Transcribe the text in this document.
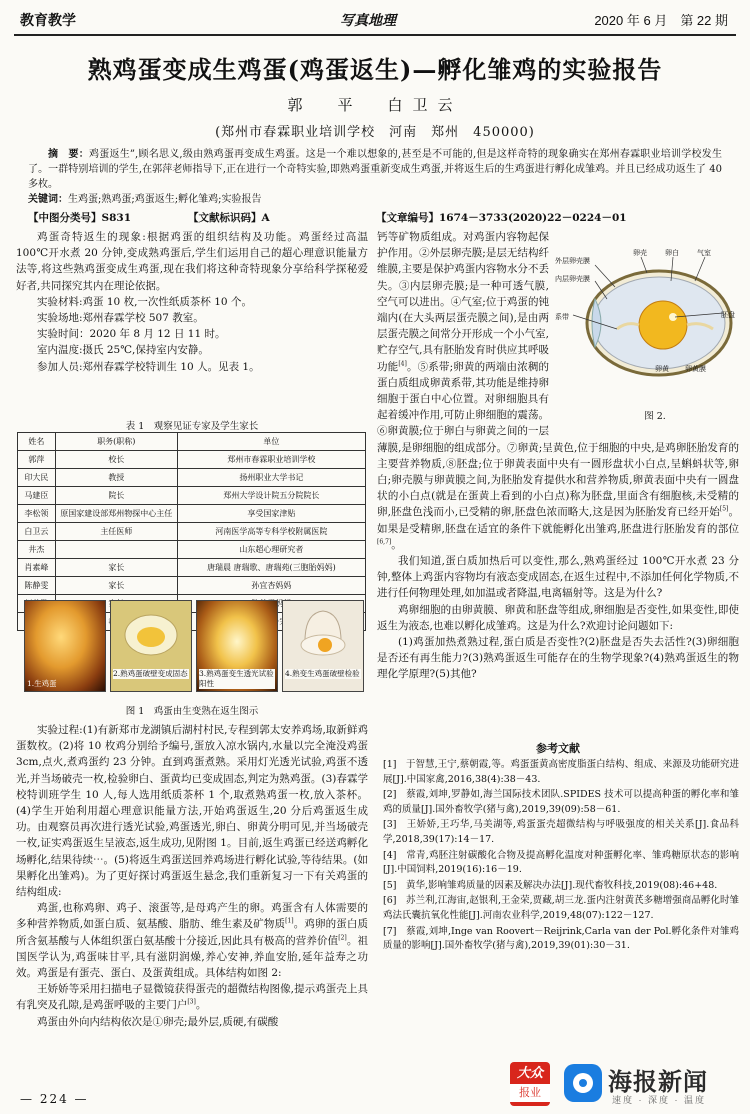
教育教学	写真地理	2020 年 6 月　第 22 期
熟鸡蛋变成生鸡蛋(鸡蛋返生)—孵化雏鸡的实验报告
郭　平　白卫云
(郑州市春霖职业培训学校　河南　郑州　450000)
摘　要：鸡蛋返生”,顾名思义,级由熟鸡蛋再变成生鸡蛋。这是一个难以想象的,甚至是不可能的,但是这样奇特的现象确实在郑州春霖职业培训学校发生了。一群特别培训的学生,在郭萍老师指导下,正在进行一个奇特实验,即熟鸡蛋重新变成生鸡蛋,并将返生后的生鸡蛋进行孵化成雏鸡。并且已经成功返生了 40 多枚。
关键词：生鸡蛋;熟鸡蛋;鸡蛋返生;孵化雏鸡;实验报告
【中图分类号】S831	【文献标识码】A	【文章编号】1674－3733(2020)22－0224－01

鸡蛋奇特返生的现象:根据鸡蛋的组织结构及功能。鸡蛋经过高温 100℃开水煮 20 分钟,变成熟鸡蛋后,学生们运用自己的超心理意识能量方法等,将这些熟鸡蛋变成生鸡蛋,现在我们将这种奇特现象分享给科学探秘爱好者,共同探究其内在理论依据。

实验材料:鸡蛋 10 枚,一次性纸质茶杯 10 个。

实验场地:郑州春霖学校 507 教室。

实验时间：2020 年 8 月 12 日 11 时。

室内温度:摄氏 25℃,保持室内安静。

参加人员:郑州春霖学校特训生 10 人。见表 1。

表 1　观察见证专家及学生家长
姓名	职务(职称)	单位
郭萍	校长	郑州市春霖职业培训学校
印大民	教授	扬州职业大学书记
马建臣	院长	郑州大学设计院五分院院长
李松领	原国家建设部郑州物探中心主任	享受国家津贴
白卫云	主任医师	河南医学高等专科学校附属医院
井杰		山东超心理研究者
肖素峰	家长	唐瑞晨 唐瑞歌、唐瑞苑(三胞胎妈妈)
陈静雯	家长	孙宜杏妈妈

1.生鸡蛋
2.熟鸡蛋破壁变成固态 3.熟鸡蛋变生透光试验阳性
4.熟变生鸡蛋破壁检验
图 1　鸡蛋由生变熟在返生图示

实验过程:(1)有新郑市龙湖镇后湖村村民,专程到郭太安养鸡场,取新鲜鸡蛋数枚。(2)将 10 枚鸡分别给予编号,蛋放入凉水锅内,水量以完全淹没鸡蛋 3cm,点火,煮鸡蛋约 23 分钟。直到鸡蛋煮熟。采用灯光透光试验,鸡蛋不透光,并当场破壳一枚,检验卵白、蛋黄均已变成固态,判定为熟鸡蛋。(3)春霖学校特训班学生 10 人,每人选用纸质茶杯 1 个,取煮熟鸡蛋一枚,放入茶杯。(4)学生开始利用超心理意识能量方法,开始鸡蛋返生,20 分后鸡蛋返生成功。由观察员再次进行透光试验,鸡蛋透光,卵白、卵黄分明可见,并当场破壳一枚,证实鸡蛋返生呈液态,返生成功,见附图 1。目前,返生鸡蛋已经送鸡孵化场孵化,结果待续⋯。(5)将返生鸡蛋送回养鸡场进行孵化试验,等待结果。(如果孵化出雏鸡)。为了更好探讨鸡蛋返生悬念,我们重新复习一下有关鸡蛋的结构组成:

鸡蛋,也称鸡卵、鸡子、滚蛋等,是母鸡产生的卵。鸡蛋含有人体需要的多种营养物质,如蛋白质、氨基酸、脂肪、维生素及矿物质[1]。鸡卵的蛋白质所含氨基酸与人体组织蛋白氨基酸十分接近,因此具有极高的营养价值[2]。祖国医学认为,鸡蛋味甘平,具有滋阴润燥,养心安神,养血安胎,延年益寿之功效。鸡蛋是有蛋壳、蛋白、及蛋黄组成。具体结构如图 2:

王娇娇等采用扫描电子显微镜获得蛋壳的超微结构图像,提示鸡蛋壳上具有乳突及孔隙,是鸡蛋呼吸的主要门户[3]。

鸡蛋由外向内结构依次是①卵壳;最外层,质硬,有碳酸

外层卵壳膜
内层卵壳膜
系带
卵壳	卵白	气室
卵黄
胚盘
卵黄膜
图 2.

钙等矿物质组成。对鸡蛋内容物起保护作用。②外层卵壳膜;是层无结构纤维膜,主要是保护鸡蛋内容物水分不丢失。③内层卵壳膜;是一种可透气膜,空气可以进出。④气室;位于鸡蛋的钝端内(在大头两层蛋壳膜之间),是由两层蛋壳膜之间常分开形成一个小气室,贮存空气,具有胚胎发育时供应其呼吸功能[4]。⑤系带;卵黄的两端由浓稠的蛋白质组成卵黄系带,其功能是维持卵细胞于蛋白中心位置。对卵细胞具有起着缓冲作用,可防止卵细胞的震荡。⑥卵黄膜;位于卵白与卵黄之间的一层薄膜,是卵细胞的组成部分。⑦卵黄;呈黄色,位于细胞的中央,是鸡卵胚胎发育的主要营养物质,⑧胚盘;位于卵黄表面中央有一圆形盘状小白点,呈蝌蚪状等,卵白;卵壳膜与卵黄膜之间,为胚胎发育提供水和营养物质,卵黄表面中央有一圆盘状的小白点(就是在蛋黄上看到的小白点)称为胚盘,里面含有细胞核,未受精的卵,胚盘色浅而小,已受精的卵,胚盘色浓而略大,这是因为胚胎发育已经开始[5]。如果是受精卵,胚盘在适宜的条件下就能孵化出雏鸡,胚盘进行胚胎发育的部位[6,7]。

我们知道,蛋白质加热后可以变性,那么,熟鸡蛋经过 100℃开水煮 23 分钟,整体上鸡蛋内容物均有液态变成固态,在返生过程中,不添加任何化学物质,不进行任何物理处理,如加温或者降温,电离辐射等。这是为什么?

鸡卵细胞的由卵黄膜、卵黄和胚盘等组成,卵细胞是否变性,如果变性,即使返生为液态,也难以孵化成雏鸡。这是为什么?欢迎讨论问题如下:

(1)鸡蛋加热煮熟过程,蛋白质是否变性?(2)胚盘是否失去活性?(3)卵细胞是否还有再生能力?(3)熟鸡蛋返生可能存在的生物学现象?(4)熟鸡蛋返生的物理化学原理?(5)其他?

参考文献

[1]　于智慧,王宁,蔡朝霞,等。鸡蛋蛋黄高密度脂蛋白结构、组成、来源及功能研究进展[J].中国家禽,2016,38(4):38－43.

[2]　蔡霞,刘坤,罗静如,海兰国际技术团队.SPIDES 技术可以提高种蛋的孵化率和雏鸡的质量[J].国外畜牧学(猪与禽),2019,39(09):58－61.

[3]　王娇娇,王巧华,马美湖等,鸡蛋蛋壳超微结构与呼吸强度的相关关系[J].食品科学,2018,39(17):14－17.

[4]　常青,鸡胚注射碳酸化合物及提高孵化温度对种蛋孵化率、雏鸡糖原状态的影响[J].中国饲料,2019(16):16－19.

[5]　黄华,影响雏鸡质量的因素及解决办法[J].现代畜牧科技,2019(08):46+48.

[6]　苏兰利,江海宙,赵银利,王金荣,贾藏,胡三龙.蛋内注射黄芪多糖增强商品孵化时雏鸡法氏囊抗氧化性能[J].河南农业科学,2019,48(07):122－127.

[7]　蔡霞,刘坤,Inge van Roovert－Reijrink,Carla van der Pol.孵化条件对雏鸡质量的影响[J].国外畜牧学(猪与禽),2019,39(01):30－31.

— 224 —
大众
报业	海报新闻
速度 · 深度 · 温度
